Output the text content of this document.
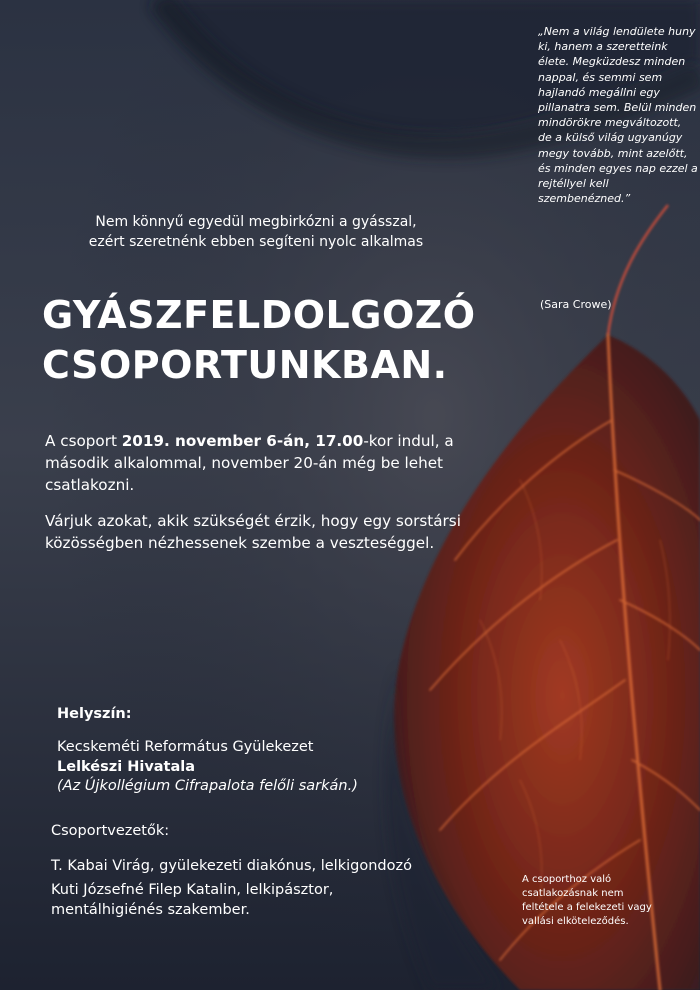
Nem könnyű egyedül megbirkózni a gyásszal,
ezért szeretnénk ebben segíteni nyolc alkalmas

GYÁSZFELDOLGOZÓ
CSOPORTUNKBAN.

A csoport 2019. november 6-án, 17.00-kor indul, a második alkalommal, november 20-án még be lehet csatlakozni.

Várjuk azokat, akik szükségét érzik, hogy egy sorstársi közösségben nézhessenek szembe a veszteséggel.

Helyszín:

Kecskeméti Református Gyülekezet

Lelkészi Hivatala

(Az Újkollégium Cifrapalota felőli sarkán.)

Csoportvezetők:

T. Kabai Virág, gyülekezeti diakónus, lelkigondozó

Kuti Józsefné Filep Katalin, lelkipásztor,

mentálhigiénés szakember.

„Nem a világ lendülete huny ki, hanem a szeretteink élete. Megküzdesz minden nappal, és semmi sem hajlandó megállni egy pillanatra sem. Belül minden mindörökre megváltozott, de a külső világ ugyanúgy megy tovább, mint azelőtt, és minden egyes nap ezzel a rejtéllyel kell szembenézned.”

(Sara Crowe)

A csoporthoz való csatlakozásnak nem feltétele a felekezeti vagy vallási elköteleződés.
